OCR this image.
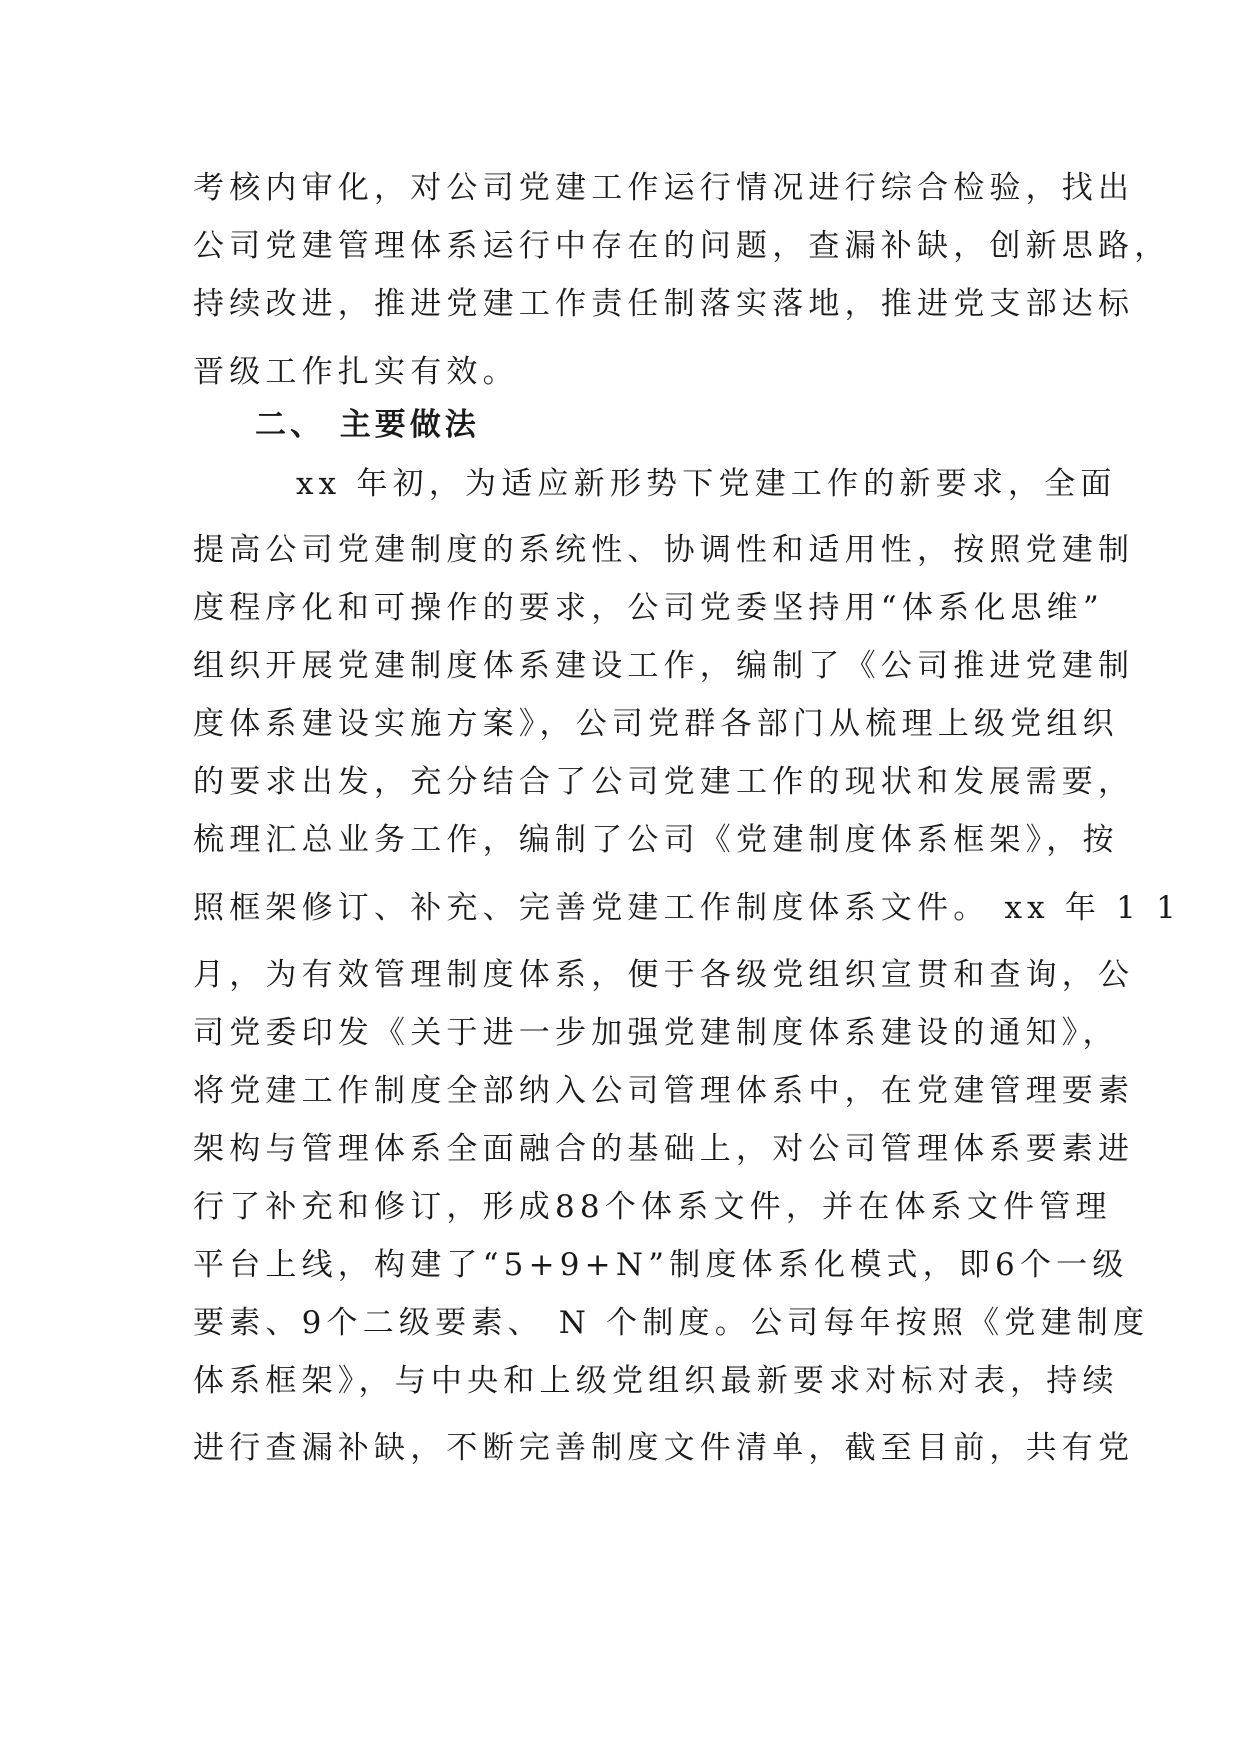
考核内审化，对公司党建工作运行情况进行综合检验，找出
公司党建管理体系运行中存在的问题，查漏补缺，创新思路，
持续改进，推进党建工作责任制落实落地，推进党支部达标
晋级工作扎实有效。
二、 主要做法
xx 年初，为适应新形势下党建工作的新要求，全面
提高公司党建制度的系统性、协调性和适用性，按照党建制
度程序化和可操作的要求，公司党委坚持用“体系化思维”
组织开展党建制度体系建设工作，编制了《公司推进党建制
度体系建设实施方案》，公司党群各部门从梳理上级党组织
的要求出发，充分结合了公司党建工作的现状和发展需要，
梳理汇总业务工作，编制了公司《党建制度体系框架》，按
照框架修订、补充、完善党建工作制度体系文件。 xx 年 1 1
月，为有效管理制度体系，便于各级党组织宣贯和查询，公
司党委印发《关于进一步加强党建制度体系建设的通知》，
将党建工作制度全部纳入公司管理体系中，在党建管理要素
架构与管理体系全面融合的基础上，对公司管理体系要素进
行了补充和修订，形成88个体系文件，并在体系文件管理
平台上线，构建了“5+9+N”制度体系化模式，即6个一级
要素、9个二级要素、 N 个制度。公司每年按照《党建制度
体系框架》，与中央和上级党组织最新要求对标对表，持续
进行查漏补缺，不断完善制度文件清单，截至目前，共有党
